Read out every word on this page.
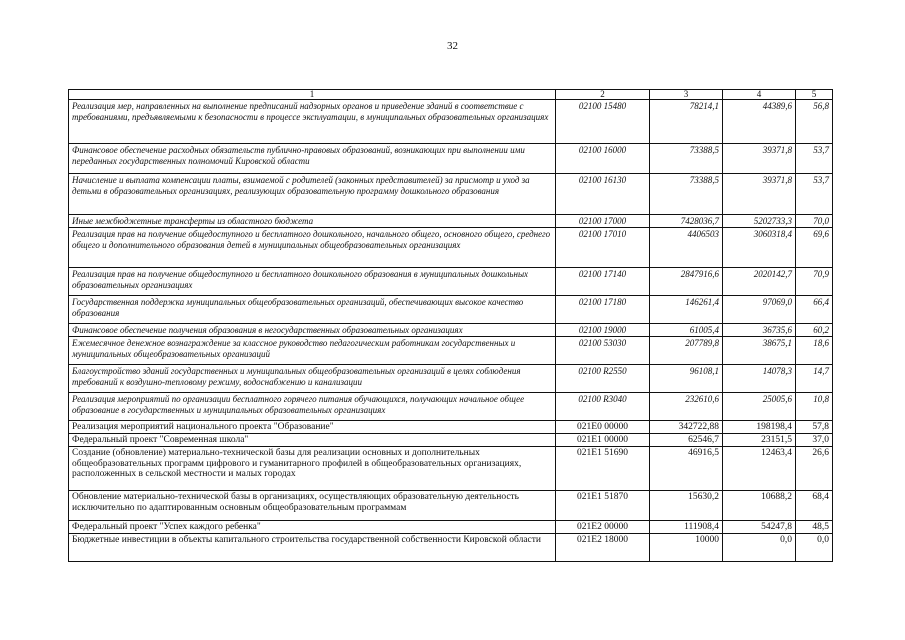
32
1	2	3	4	5
Реализация мер, направленных на выполнение предписаний надзорных органов и приведение зданий в соответствие с требованиями, предъявляемыми к безопасности в процессе эксплуатации, в муниципальных образовательных организациях	02100 15480	78214,1	44389,6	56,8
Финансовое обеспечение расходных обязательств публично-правовых образований, возникающих при выполнении ими переданных государственных полномочий Кировской области	02100 16000	73388,5	39371,8	53,7
Начисление и выплата компенсации платы, взимаемой с родителей (законных представителей) за присмотр и уход за детьми в образовательных организациях, реализующих образовательную программу дошкольного образования	02100 16130	73388,5	39371,8	53,7
Иные межбюджетные трансферты из областного бюджета	02100 17000	7428036,7	5202733,3	70,0
Реализация прав на получение общедоступного и бесплатного дошкольного, начального общего, основного общего, среднего общего и дополнительного образования детей в муниципальных общеобразовательных организациях	02100 17010	4406503	3060318,4	69,6
Реализация прав на получение общедоступного и бесплатного дошкольного образования в муниципальных дошкольных образовательных организациях	02100 17140	2847916,6	2020142,7	70,9
Государственная поддержка муниципальных общеобразовательных организаций, обеспечивающих высокое качество образования	02100 17180	146261,4	97069,0	66,4
Финансовое обеспечение получения образования в негосударственных образовательных организациях	02100 19000	61005,4	36735,6	60,2
Ежемесячное денежное вознаграждение за классное руководство педагогическим работникам государственных и муниципальных общеобразовательных организаций	02100 53030	207789,8	38675,1	18,6
Благоустройство зданий государственных и муниципальных общеобразовательных организаций в целях соблюдения требований к воздушно-тепловому режиму, водоснабжению и канализации	02100 R2550	96108,1	14078,3	14,7
Реализация мероприятий по организации бесплатного горячего питания обучающихся, получающих начальное общее образование в государственных и муниципальных образовательных организациях	02100 R3040	232610,6	25005,6	10,8
Реализация мероприятий национального проекта "Образование"	021E0 00000	342722,88	198198,4	57,8
Федеральный проект "Современная школа"	021E1 00000	62546,7	23151,5	37,0
Создание (обновление) материально-технической базы для реализации основных и дополнительных общеобразовательных программ цифрового и гуманитарного профилей в общеобразовательных организациях, расположенных в сельской местности и малых городах	021E1 51690	46916,5	12463,4	26,6
Обновление материально-технической базы в организациях, осуществляющих образовательную деятельность исключительно по адаптированным основным общеобразовательным программам	021E1 51870	15630,2	10688,2	68,4
Федеральный проект "Успех каждого ребенка"	021E2 00000	111908,4	54247,8	48,5
Бюджетные инвестиции в объекты капитального строительства государственной собственности Кировской области	021E2 18000	10000	0,0	0,0
